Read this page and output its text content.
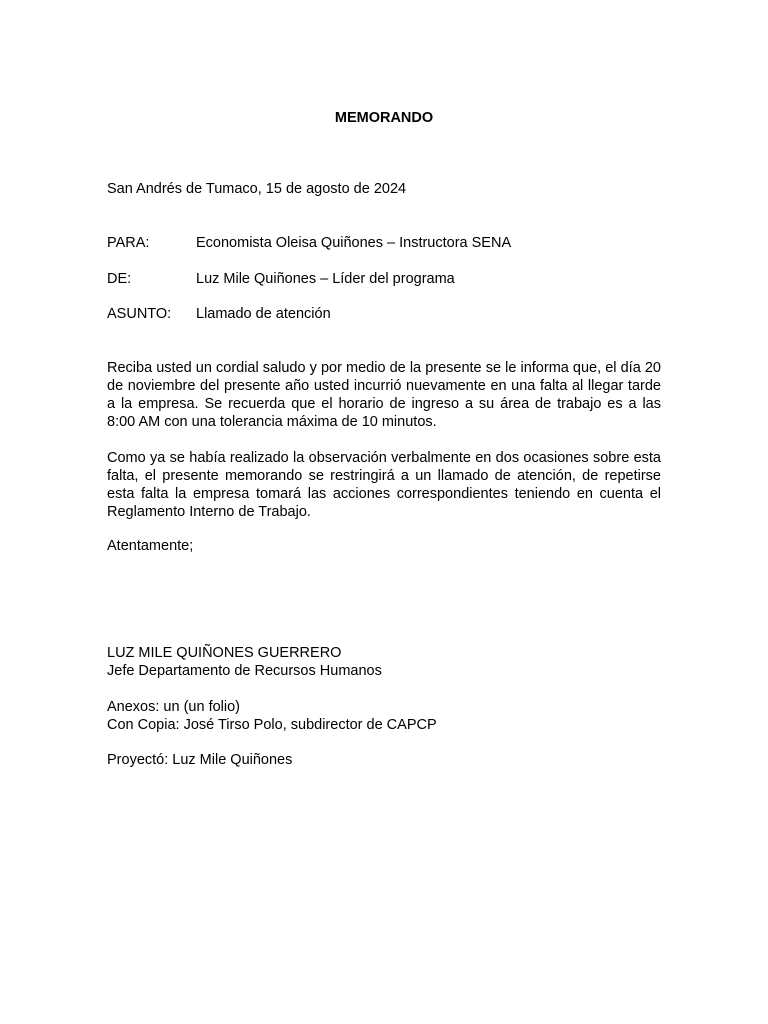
MEMORANDO
San Andrés de Tumaco, 15 de agosto de 2024
PARA:	Economista Oleisa Quiñones – Instructora SENA
DE:	Luz Mile Quiñones – Líder del programa
ASUNTO: Llamado de atención
Reciba usted un cordial saludo y por medio de la presente se le informa que, el día 20 de noviembre del presente año usted incurrió nuevamente en una falta al llegar tarde a la empresa. Se recuerda que el horario de ingreso a su área de trabajo es a las 8:00 AM con una tolerancia máxima de 10 minutos.
Como ya se había realizado la observación verbalmente en dos ocasiones sobre esta falta, el presente memorando se restringirá a un llamado de atención, de repetirse esta falta la empresa tomará las acciones correspondientes teniendo en cuenta el Reglamento Interno de Trabajo.
Atentamente;
LUZ MILE QUIÑONES GUERRERO
Jefe Departamento de Recursos Humanos
Anexos: un (un folio)
Con Copia: José Tirso Polo, subdirector de CAPCP
Proyectó: Luz Mile Quiñones
